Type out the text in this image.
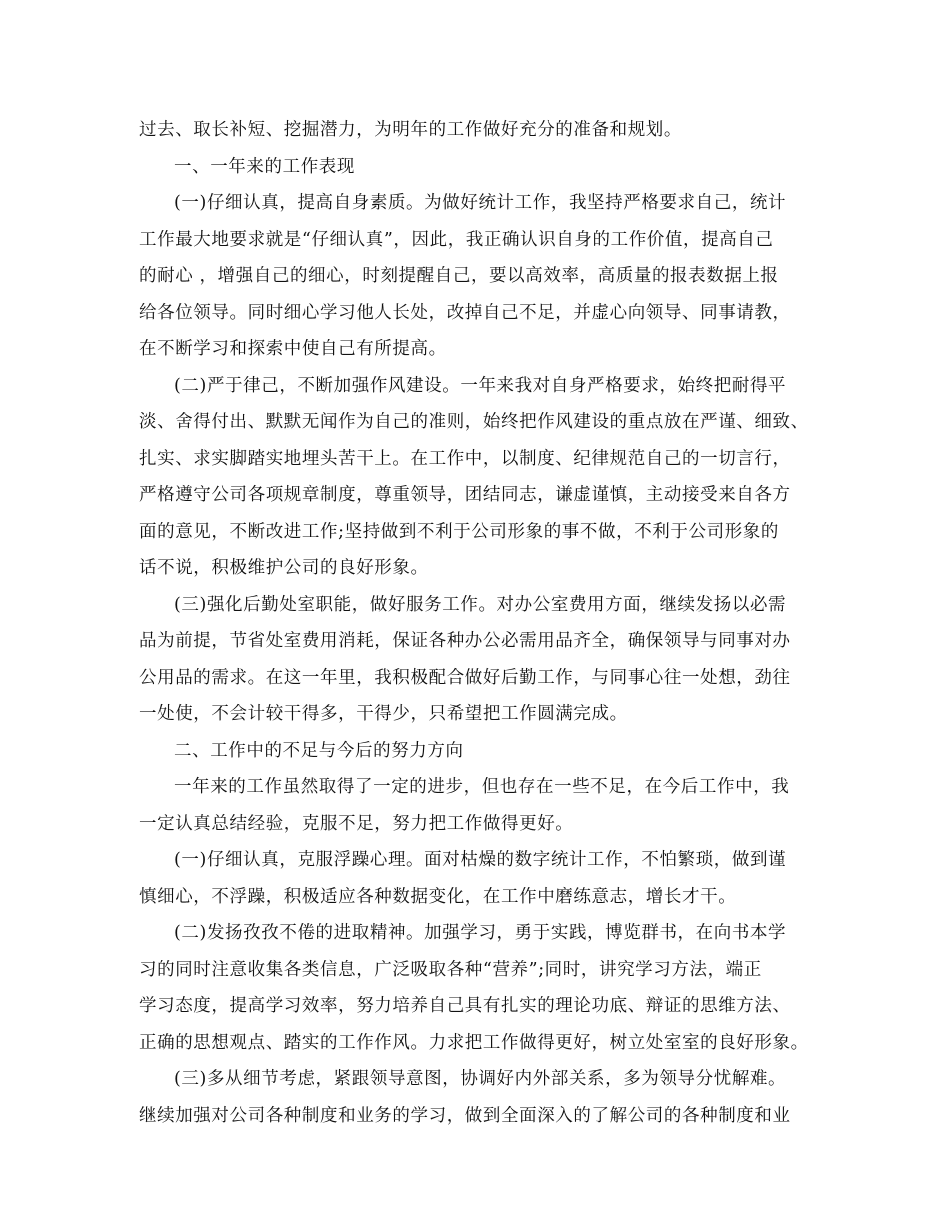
过去、取长补短、挖掘潜力，为明年的工作做好充分的准备和规划。

一、一年来的工作表现

(一)仔细认真，提高自身素质。为做好统计工作，我坚持严格要求自己，统计

工作最大地要求就是“仔细认真”，因此，我正确认识自身的工作价值，提高自己

的耐心 ，增强自己的细心，时刻提醒自己，要以高效率，高质量的报表数据上报

给各位领导。同时细心学习他人长处，改掉自己不足，并虚心向领导、同事请教，

在不断学习和探索中使自己有所提高。

(二)严于律己，不断加强作风建设。一年来我对自身严格要求，始终把耐得平

淡、舍得付出、默默无闻作为自己的准则，始终把作风建设的重点放在严谨、细致、

扎实、求实脚踏实地埋头苦干上。在工作中，以制度、纪律规范自己的一切言行，

严格遵守公司各项规章制度，尊重领导，团结同志，谦虚谨慎，主动接受来自各方

面的意见，不断改进工作;坚持做到不利于公司形象的事不做，不利于公司形象的

话不说，积极维护公司的良好形象。

(三)强化后勤处室职能，做好服务工作。对办公室费用方面，继续发扬以必需

品为前提，节省处室费用消耗，保证各种办公必需用品齐全，确保领导与同事对办

公用品的需求。在这一年里，我积极配合做好后勤工作，与同事心往一处想，劲往

一处使，不会计较干得多，干得少，只希望把工作圆满完成。

二、工作中的不足与今后的努力方向

一年来的工作虽然取得了一定的进步，但也存在一些不足，在今后工作中，我

一定认真总结经验，克服不足，努力把工作做得更好。

(一)仔细认真，克服浮躁心理。面对枯燥的数字统计工作，不怕繁琐，做到谨

慎细心，不浮躁，积极适应各种数据变化，在工作中磨练意志，增长才干。

(二)发扬孜孜不倦的进取精神。加强学习，勇于实践，博览群书，在向书本学

习的同时注意收集各类信息，广泛吸取各种“营养”;同时，讲究学习方法，端正

学习态度，提高学习效率，努力培养自己具有扎实的理论功底、辩证的思维方法、

正确的思想观点、踏实的工作作风。力求把工作做得更好，树立处室室的良好形象。

(三)多从细节考虑，紧跟领导意图，协调好内外部关系，多为领导分忧解难。

继续加强对公司各种制度和业务的学习，做到全面深入的了解公司的各种制度和业
